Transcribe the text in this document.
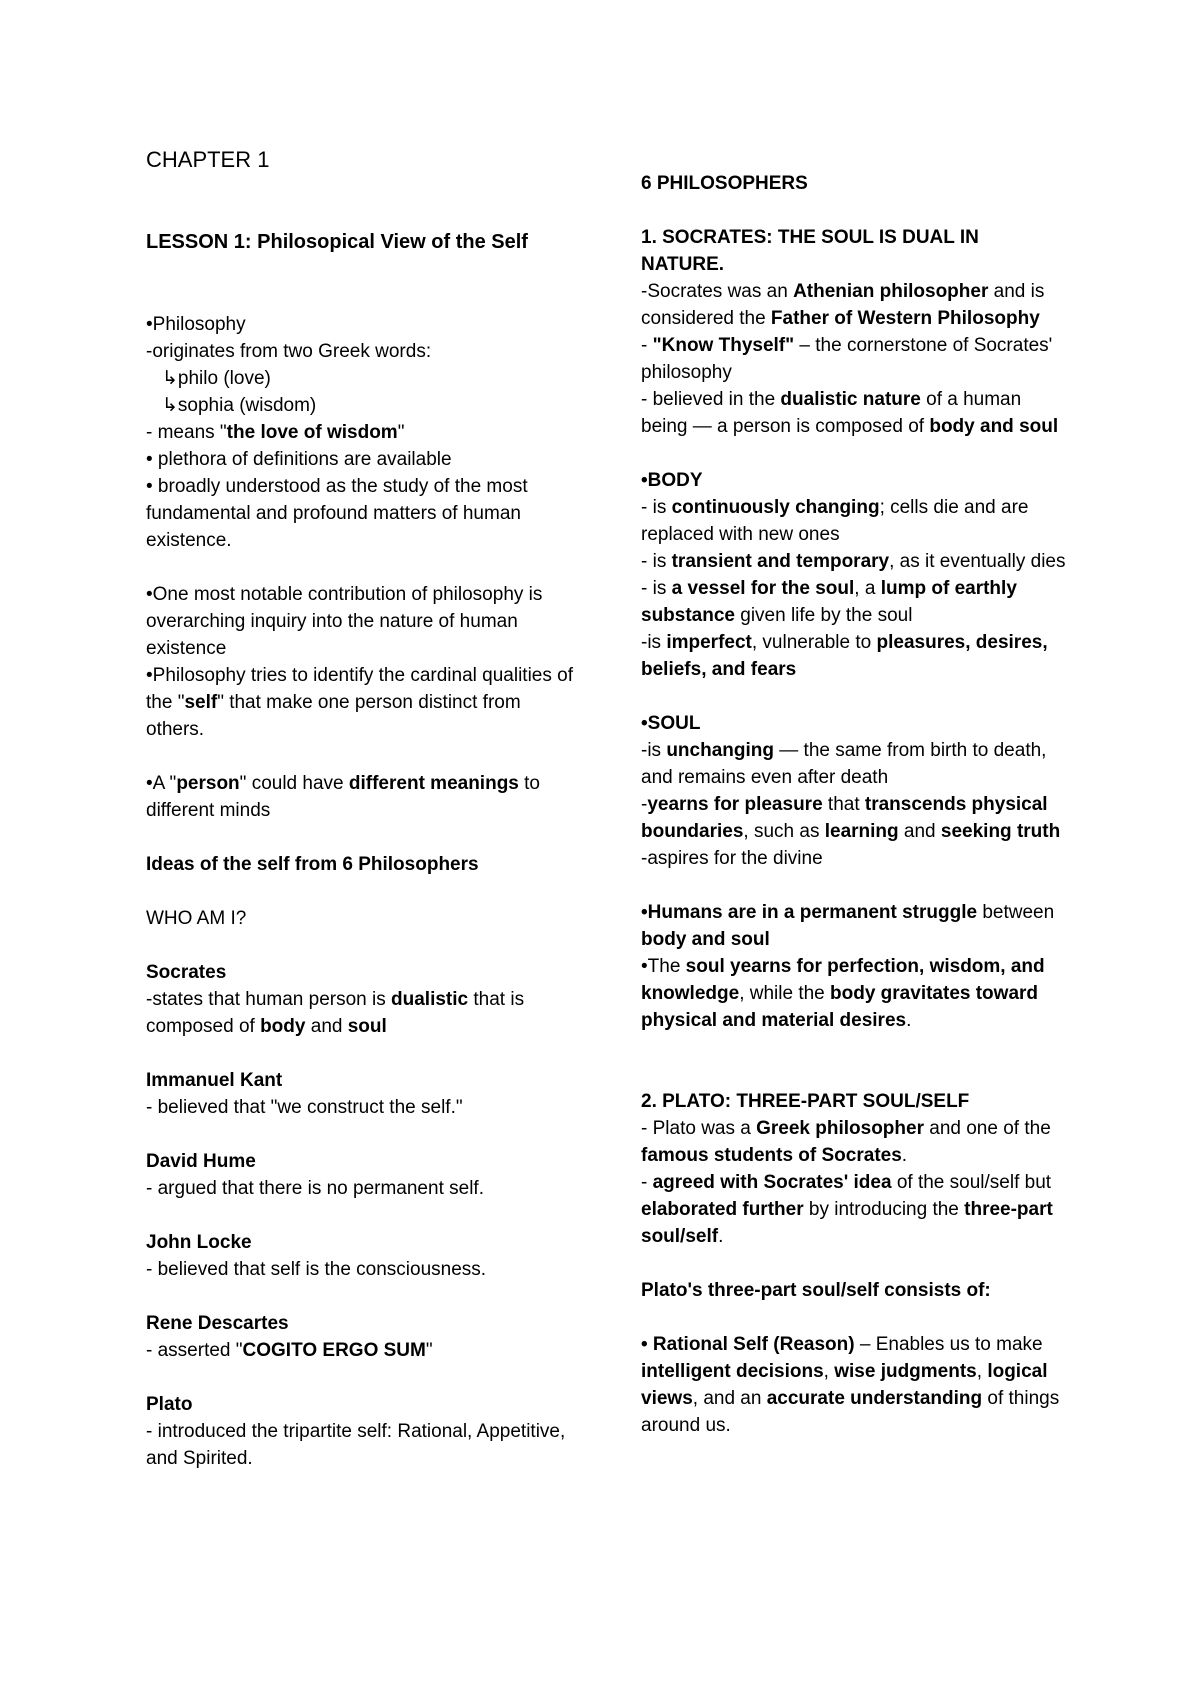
CHAPTER 1

LESSON 1: Philosopical View of the Self

•Philosophy

-originates from two Greek words:

↳philo (love)

↳sophia (wisdom)

- means "the love of wisdom"

• plethora of definitions are available

• broadly understood as the study of the most fundamental and profound matters of human existence.

•One most notable contribution of philosophy is overarching inquiry into the nature of human existence

•Philosophy tries to identify the cardinal qualities of the "self" that make one person distinct from others.

•A "person" could have different meanings to different minds

Ideas of the self from 6 Philosophers

WHO AM I?

Socrates

-states that human person is dualistic that is composed of body and soul

Immanuel Kant

- believed that "we construct the self."

David Hume

- argued that there is no permanent self.

John Locke

- believed that self is the consciousness.

Rene Descartes

- asserted "COGITO ERGO SUM"

Plato

- introduced the tripartite self: Rational, Appetitive, and Spirited.

6 PHILOSOPHERS

1. SOCRATES: THE SOUL IS DUAL IN NATURE.

-Socrates was an Athenian philosopher and is considered the Father of Western Philosophy

- "Know Thyself" – the cornerstone of Socrates' philosophy

- believed in the dualistic nature of a human being — a person is composed of body and soul

•BODY

- is continuously changing; cells die and are replaced with new ones

- is transient and temporary, as it eventually dies

- is a vessel for the soul, a lump of earthly substance given life by the soul

-is imperfect, vulnerable to pleasures, desires, beliefs, and fears

•SOUL

-is unchanging — the same from birth to death, and remains even after death

-yearns for pleasure that transcends physical boundaries, such as learning and seeking truth

-aspires for the divine

•Humans are in a permanent struggle between body and soul

•The soul yearns for perfection, wisdom, and knowledge, while the body gravitates toward physical and material desires.

2. PLATO: THREE-PART SOUL/SELF

- Plato was a Greek philosopher and one of the famous students of Socrates.

- agreed with Socrates' idea of the soul/self but elaborated further by introducing the three-part soul/self.

Plato's three-part soul/self consists of:

• Rational Self (Reason) – Enables us to make intelligent decisions, wise judgments, logical views, and an accurate understanding of things around us.
